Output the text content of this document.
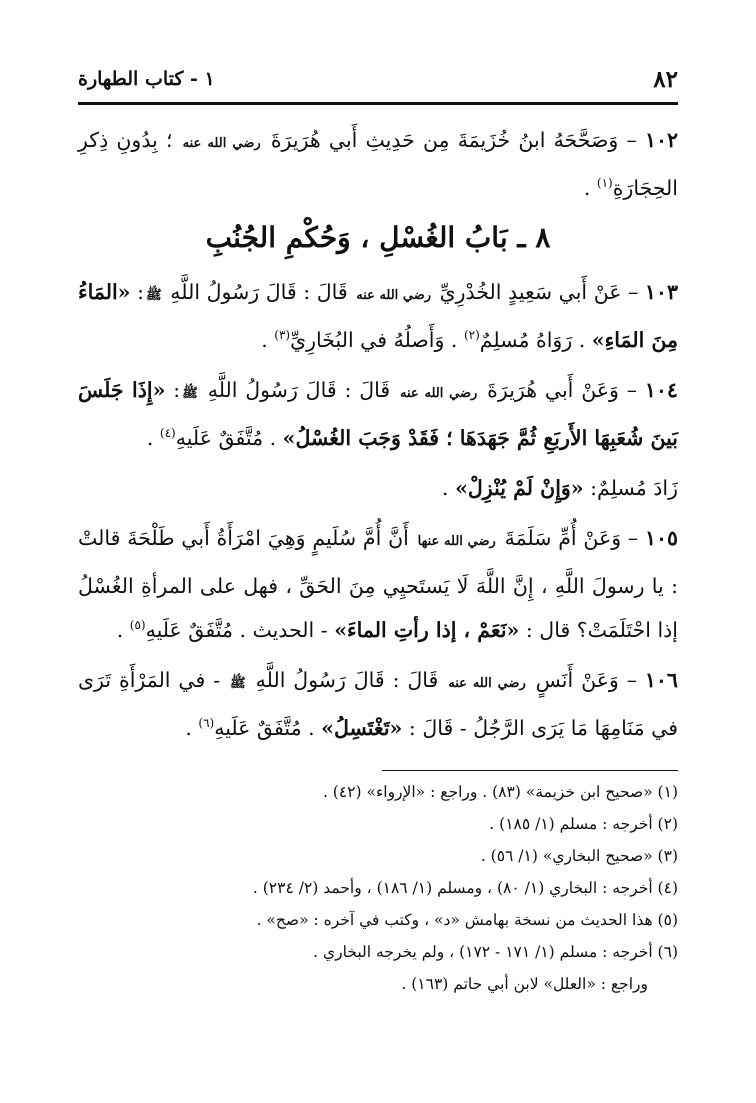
٨٢
١ - كتاب الطهارة

١٠٢ – وَصَحَّحَهُ ابنُ خُزَيمَةَ مِن حَدِيثِ أَبي هُرَيرَةَ رضي الله عنه ؛ بِدُونِ ذِكرِ الحِجَارَةِ$^{(١)}$ .

٨ ـ بَابُ الغُسْلِ ، وَحُكْمِ الجُنُبِ

١٠٣ – عَنْ أَبي سَعِيدٍ الخُدْرِيِّ رضي الله عنه قَالَ : قَالَ رَسُولُ اللَّهِ ﷺ: «المَاءُ مِنَ المَاءِ» . رَوَاهُ مُسلِمٌ$^{(٢)}$ . وَأَصلُهُ في البُخَارِيِّ$^{(٣)}$ .

١٠٤ – وَعَنْ أَبي هُرَيرَةَ رضي الله عنه قَالَ : قَالَ رَسُولُ اللَّهِ ﷺ: «إِذَا جَلَسَ بَينَ شُعَبِهَا الأَربَعِ ثُمَّ جَهَدَهَا ؛ فَقَدْ وَجَبَ الغُسْلُ» . مُتَّفَقٌ عَلَيهِ$^{(٤)}$ .

زَادَ مُسلِمٌ: «وَإِنْ لَمْ يُنْزِلْ» .

١٠٥ – وَعَنْ أُمِّ سَلَمَةَ رضي الله عنها أَنَّ أُمَّ سُلَيمٍ وَهِيَ امْرَأَةُ أَبي طَلْحَةَ قالتْ : يا رسولَ اللَّهِ ، إِنَّ اللَّهَ لَا يَستَحيِي مِنَ الحَقِّ ، فهل على المرأةِ الغُسْلُ إذا احْتَلَمَتْ؟ قال : «نَعَمْ ، إذا رأتِ الماءَ» - الحديث . مُتَّفَقٌ عَلَيهِ$^{(٥)}$ .

١٠٦ – وَعَنْ أَنَسٍ رضي الله عنه قَالَ : قَالَ رَسُولُ اللَّهِ ﷺ - في المَرْأَةِ تَرَى في مَنَامِهَا مَا يَرَى الرَّجُلُ - قَالَ : «تَغْتَسِلُ» . مُتَّفَقٌ عَلَيهِ$^{(٦)}$ .

(١) «صحيح ابن خزيمة» (٨٣) . وراجع : «الإرواء» (٤٢) .

(٢) أخرجه : مسلم (١/ ١٨٥) .

(٣) «صحيح البخاري» (١/ ٥٦) .

(٤) أخرجه : البخاري (١/ ٨٠) ، ومسلم (١/ ١٨٦) ، وأحمد (٢/ ٢٣٤) .

(٥) هذا الحديث من نسخة بهامش «د» ، وكتب في آخره : «صح» .

(٦) أخرجه : مسلم (١/ ١٧١ - ١٧٢) ، ولم يخرجه البخاري .

وراجع : «العلل» لابن أبي حاتم (١٦٣) .
